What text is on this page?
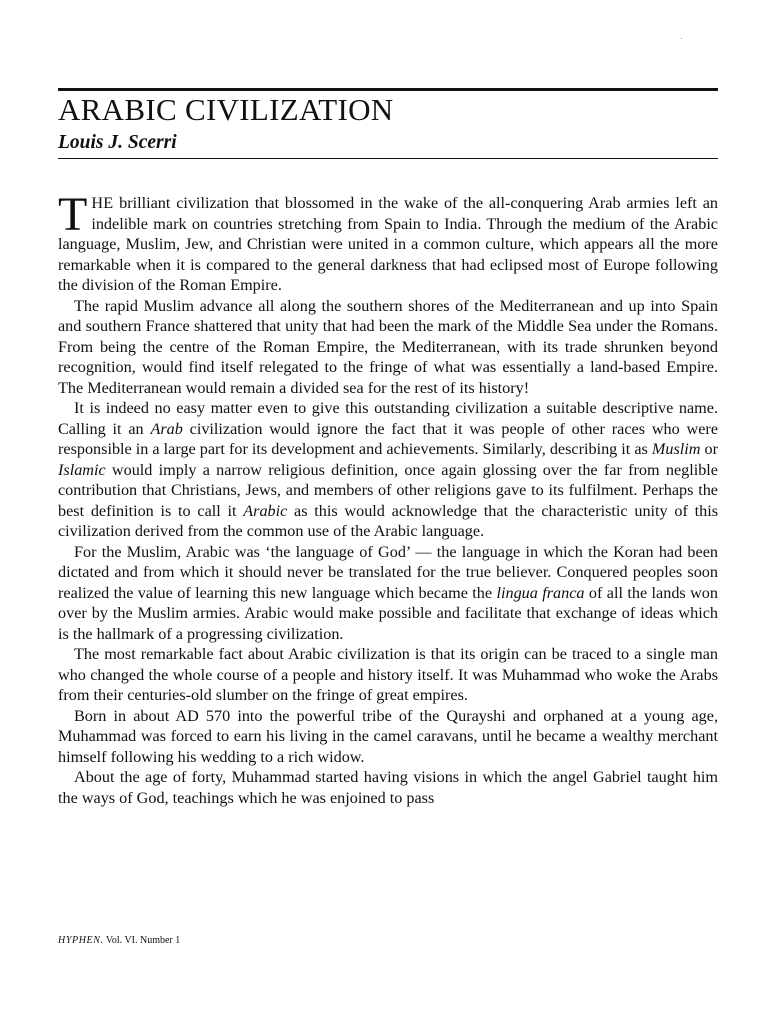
ARABIC CIVILIZATION
Louis J. Scerri

THE brilliant civilization that blossomed in the wake of the all-conquering Arab armies left an indelible mark on countries stretching from Spain to India. Through the medium of the Arabic language, Muslim, Jew, and Christian were united in a common culture, which appears all the more remarkable when it is compared to the general darkness that had eclipsed most of Europe following the division of the Roman Empire.

The rapid Muslim advance all along the southern shores of the Mediterranean and up into Spain and southern France shattered that unity that had been the mark of the Middle Sea under the Romans. From being the centre of the Roman Empire, the Mediterranean, with its trade shrunken beyond recognition, would find itself relegated to the fringe of what was essentially a land-based Empire. The Mediterranean would remain a divided sea for the rest of its history!

It is indeed no easy matter even to give this outstanding civilization a suitable descriptive name. Calling it an Arab civilization would ignore the fact that it was people of other races who were responsible in a large part for its development and achievements. Similarly, describing it as Muslim or Islamic would imply a narrow religious definition, once again glossing over the far from neglible contribution that Christians, Jews, and members of other religions gave to its fulfilment. Perhaps the best definition is to call it Arabic as this would acknowledge that the characteristic unity of this civilization derived from the common use of the Arabic language.

For the Muslim, Arabic was ‘the language of God’ — the language in which the Koran had been dictated and from which it should never be translated for the true believer. Conquered peoples soon realized the value of learning this new language which became the lingua franca of all the lands won over by the Muslim armies. Arabic would make possible and facilitate that exchange of ideas which is the hallmark of a progressing civilization.

The most remarkable fact about Arabic civilization is that its origin can be traced to a single man who changed the whole course of a people and history itself. It was Muhammad who woke the Arabs from their centuries-old slumber on the fringe of great empires.

Born in about AD 570 into the powerful tribe of the Qurayshi and orphaned at a young age, Muhammad was forced to earn his living in the camel caravans, until he became a wealthy merchant himself following his wedding to a rich widow.

About the age of forty, Muhammad started having visions in which the angel Gabriel taught him the ways of God, teachings which he was enjoined to pass

HYPHEN. Vol. VI. Number 1
